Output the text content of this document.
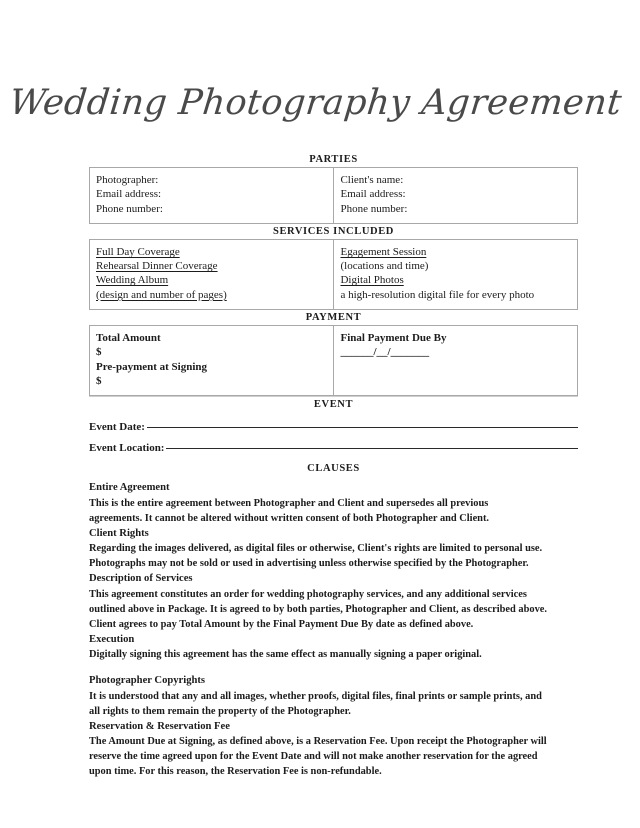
Wedding Photography Agreement
PARTIES
Photographer:
Email address:
Phone number:
Client's name:
Email address:
Phone number:
SERVICES INCLUDED
Full Day Coverage
Rehearsal Dinner Coverage
Wedding Album
(design and number of pages)
Egagement Session
(locations and time)
Digital Photos
a high-resolution digital file for every photo
PAYMENT
Total Amount
$
Pre-payment at Signing
$
Final Payment Due By
______/__/_______
EVENT
Event Date:
Event Location:
CLAUSES
Entire Agreement
This is the entire agreement between Photographer and Client and supersedes all previous
agreements. It cannot be altered without written consent of both Photographer and Client.
Client Rights
Regarding the images delivered, as digital files or otherwise, Client's rights are limited to personal use.
Photographs may not be sold or used in advertising unless otherwise specified by the Photographer.
Description of Services
This agreement constitutes an order for wedding photography services, and any additional services
outlined above in Package. It is agreed to by both parties, Photographer and Client, as described above.
Client agrees to pay Total Amount by the Final Payment Due By date as defined above.
Execution
Digitally signing this agreement has the same effect as manually signing a paper original.
Photographer Copyrights
It is understood that any and all images, whether proofs, digital files, final prints or sample prints, and
all rights to them remain the property of the Photographer.
Reservation & Reservation Fee
The Amount Due at Signing, as defined above, is a Reservation Fee. Upon receipt the Photographer will
reserve the time agreed upon for the Event Date and will not make another reservation for the agreed
upon time. For this reason, the Reservation Fee is non-refundable.
